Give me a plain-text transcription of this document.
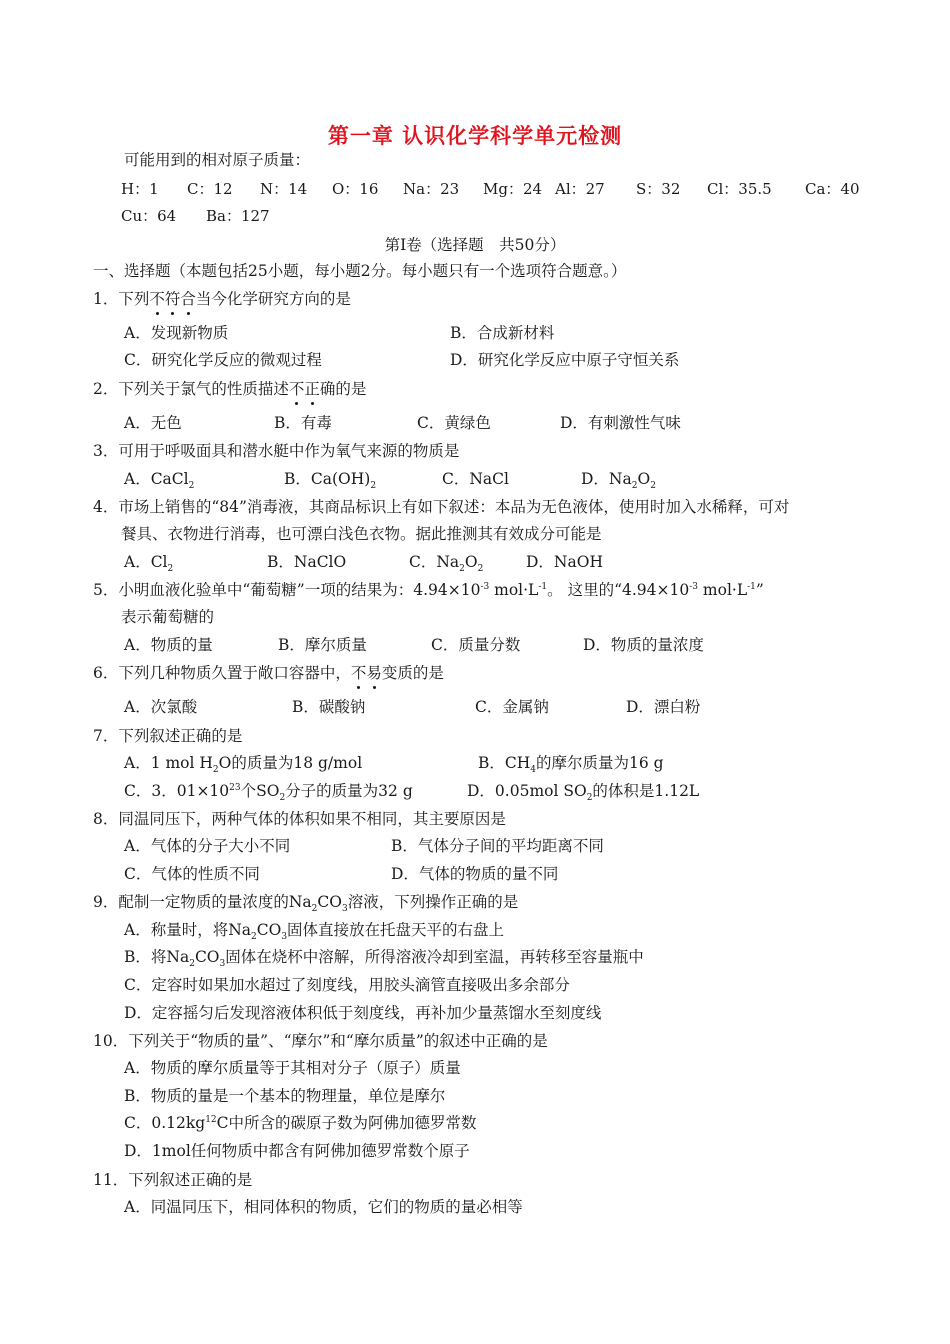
第一章 认识化学科学单元检测
可能用到的相对原子质量：
H：1 C：12 N：14 O：16 Na：23 Mg：24 Al：27 S：32 Cl：35.5 Ca：40
Cu：64 Ba：127
第Ⅰ卷（选择题　共50分）
一、选择题（本题包括25小题，每小题2分。每小题只有一个选项符合题意。）
1．下列不符合当今化学研究方向的是
A．发现新物质	B．合成新材料
C．研究化学反应的微观过程	D．研究化学反应中原子守恒关系
2．下列关于氯气的性质描述不正确的是
A．无色	B．有毒	C．黄绿色	D．有刺激性气味
3．可用于呼吸面具和潜水艇中作为氧气来源的物质是
A．CaCl$_2$	B．$Ca(OH)_2$	C．NaCl	D．$Na_2O_2$
4．市场上销售的“84”消毒液，其商品标识上有如下叙述：本品为无色液体，使用时加入水稀释，可对
餐具、衣物进行消毒，也可漂白浅色衣物。据此推测其有效成分可能是
A．$Cl_2$	B．NaClO	C．$Na_2O_2$	D．NaOH
5．小明血液化验单中“葡萄糖”一项的结果为：$4.94\times 10^{-3}$ $mol\cdot L^{-1}$。 这里的“$4.94\times 10^{-3}$ $mol\cdot L^{-1}$”
表示葡萄糖的
A．物质的量	B．摩尔质量	C．质量分数	D．物质的量浓度
6．下列几种物质久置于敞口容器中，不易变质的是
A．次氯酸	B．碳酸钠	C．金属钠	D．漂白粉
7．下列叙述正确的是
A．1 mol $H_2O$的质量为18 g/mol	B．$CH_4$的摩尔质量为16 g
C．3．$01\times 10^{23}$个$SO_2$分子的质量为32 g	D．0.05mol $SO_2$的体积是1.12L
8．同温同压下，两种气体的体积如果不相同，其主要原因是
A．气体的分子大小不同	B．气体分子间的平均距离不同
C．气体的性质不同	D．气体的物质的量不同
9．配制一定物质的量浓度的$Na_2CO_3$溶液，下列操作正确的是
A．称量时，将$Na_2CO_3$固体直接放在托盘天平的右盘上
B．将$Na_2CO_3$固体在烧杯中溶解，所得溶液冷却到室温，再转移至容量瓶中
C．定容时如果加水超过了刻度线，用胶头滴管直接吸出多余部分
D．定容摇匀后发现溶液体积低于刻度线，再补加少量蒸馏水至刻度线
10．下列关于“物质的量”、“摩尔”和“摩尔质量”的叙述中正确的是
A．物质的摩尔质量等于其相对分子（原子）质量
B．物质的量是一个基本的物理量，单位是摩尔
C．$0.12kg^{12}C$中所含的碳原子数为阿佛加德罗常数
D．1mol任何物质中都含有阿佛加德罗常数个原子
11．下列叙述正确的是
A．同温同压下，相同体积的物质，它们的物质的量必相等
